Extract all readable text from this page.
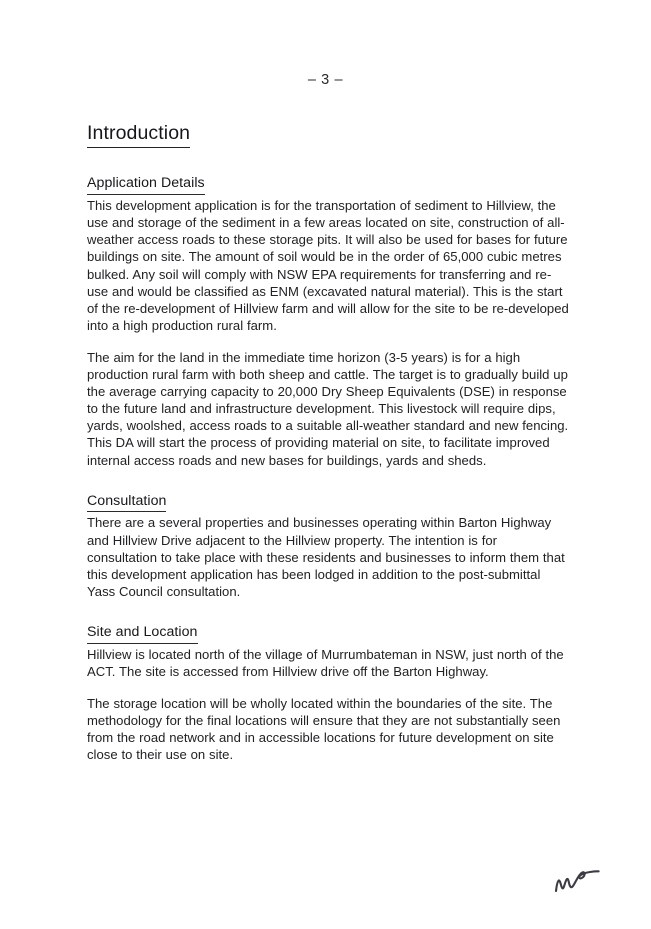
– 3 –
Introduction
Application Details

This development application is for the transportation of sediment to Hillview, the use and storage of the sediment in a few areas located on site, construction of all-weather access roads to these storage pits. It will also be used for bases for future buildings on site. The amount of soil would be in the order of 65,000 cubic metres bulked. Any soil will comply with NSW EPA requirements for transferring and re-use and would be classified as ENM (excavated natural material). This is the start of the re-development of Hillview farm and will allow for the site to be re-developed into a high production rural farm.

The aim for the land in the immediate time horizon (3-5 years) is for a high production rural farm with both sheep and cattle. The target is to gradually build up the average carrying capacity to 20,000 Dry Sheep Equivalents (DSE) in response to the future land and infrastructure development. This livestock will require dips, yards, woolshed, access roads to a suitable all-weather standard and new fencing. This DA will start the process of providing material on site, to facilitate improved internal access roads and new bases for buildings, yards and sheds.

Consultation

There are a several properties and businesses operating within Barton Highway and Hillview Drive adjacent to the Hillview property. The intention is for consultation to take place with these residents and businesses to inform them that this development application has been lodged in addition to the post-submittal Yass Council consultation.

Site and Location

Hillview is located north of the village of Murrumbateman in NSW, just north of the ACT. The site is accessed from Hillview drive off the Barton Highway.

The storage location will be wholly located within the boundaries of the site. The methodology for the final locations will ensure that they are not substantially seen from the road network and in accessible locations for future development on site close to their use on site.
